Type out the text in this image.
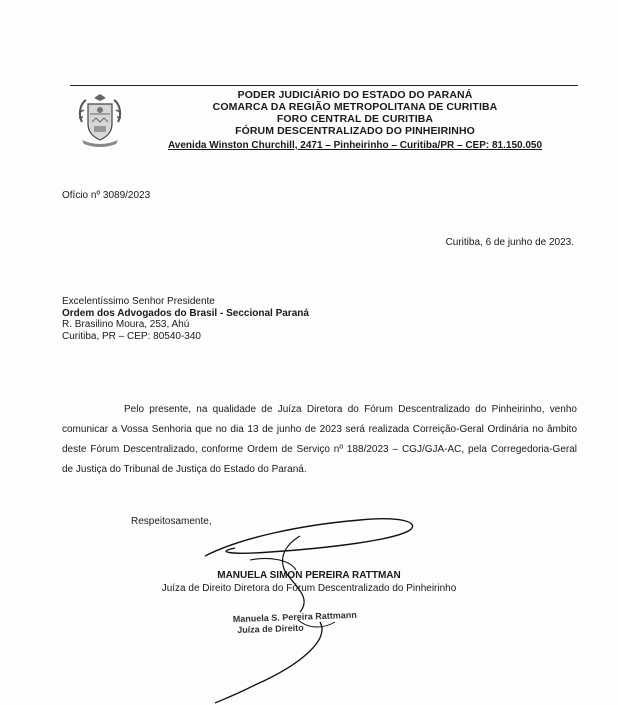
PODER JUDICIÁRIO DO ESTADO DO PARANÁ
COMARCA DA REGIÃO METROPOLITANA DE CURITIBA
FORO CENTRAL DE CURITIBA
FÓRUM DESCENTRALIZADO DO PINHEIRINHO
Avenida Winston Churchill, 2471 – Pinheirinho – Curitiba/PR – CEP: 81.150.050
Ofício nº 3089/2023
Curitiba, 6 de junho de 2023.
Excelentíssimo Senhor Presidente
Ordem dos Advogados do Brasil - Seccional Paraná
R. Brasilino Moura, 253, Ahú
Curitiba, PR – CEP: 80540-340
Pelo presente, na qualidade de Juíza Diretora do Fórum Descentralizado do Pinheirinho, venho comunicar a Vossa Senhoria que no dia 13 de junho de 2023 será realizada Correição-Geral Ordinária no âmbito deste Fórum Descentralizado, conforme Ordem de Serviço nº 188/2023 – CGJ/GJA-AC, pela Corregedoria-Geral de Justiça do Tribunal de Justiça do Estado do Paraná.
Respeitosamente,
MANUELA SIMON PEREIRA RATTMAN
Juíza de Direito Diretora do Fórum Descentralizado do Pinheirinho
Manuela S. Pereira Rattmann
Juíza de Direito
